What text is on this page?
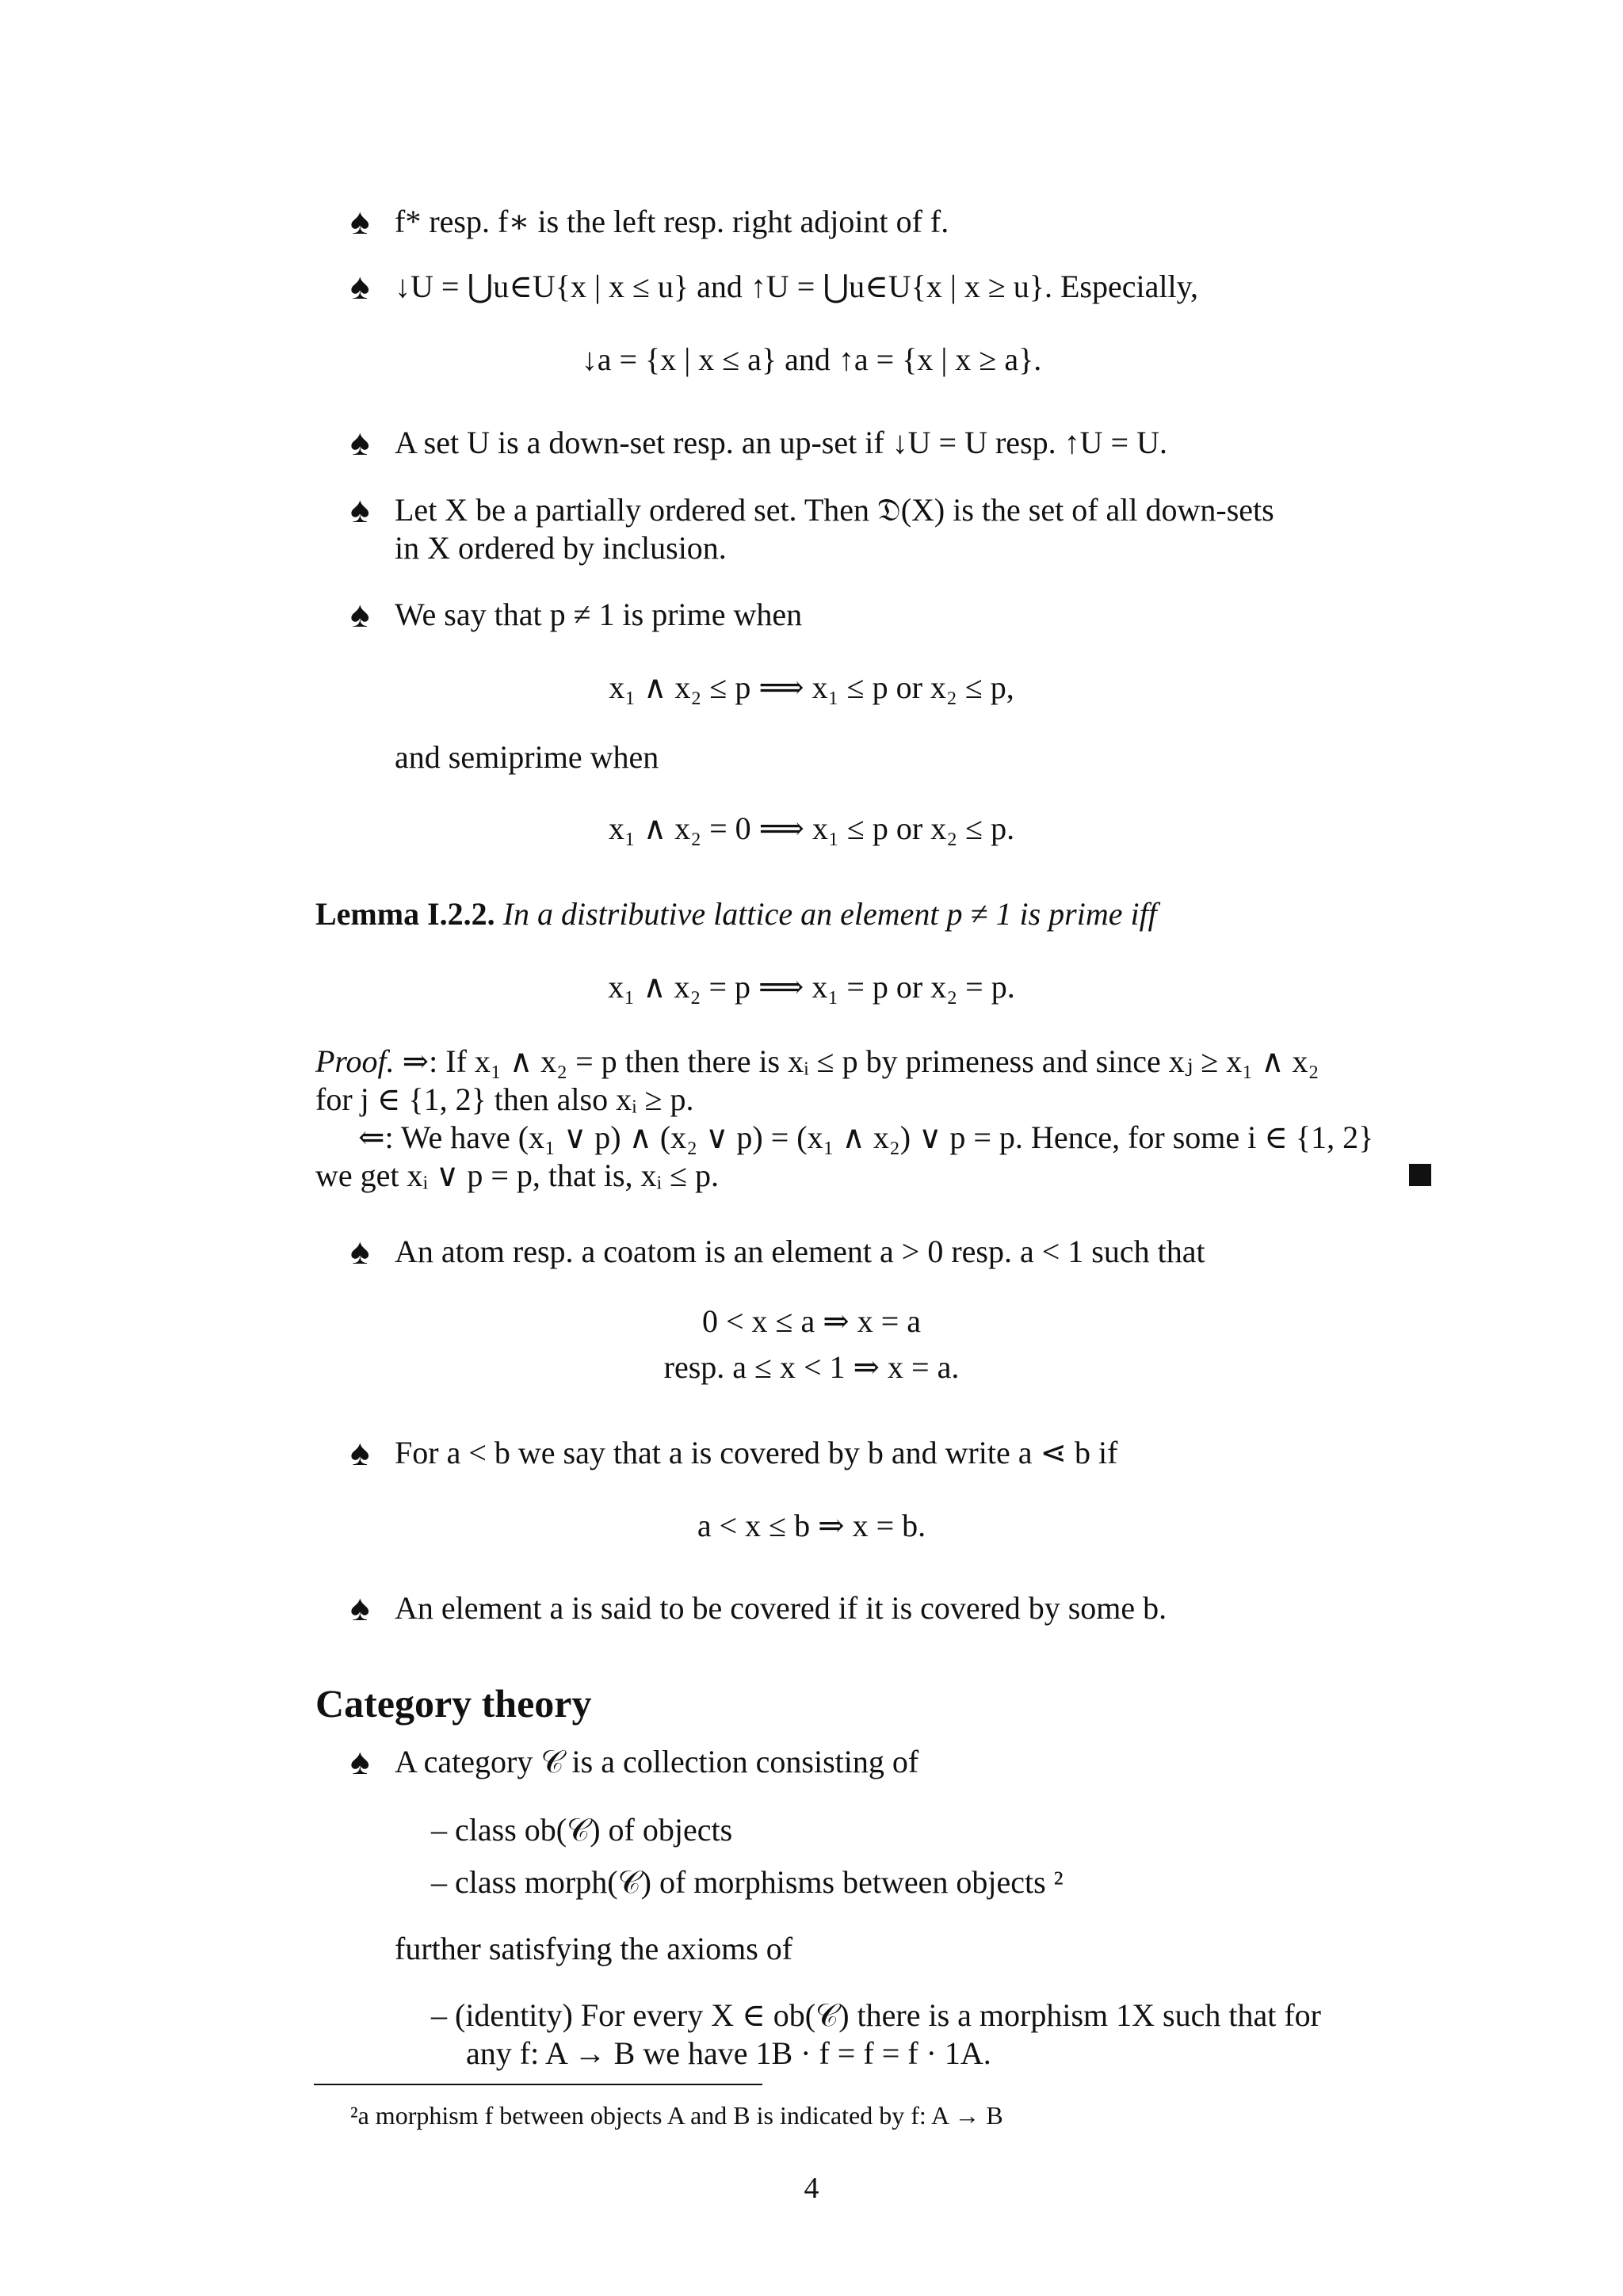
♠ f* resp. f∗ is the left resp. right adjoint of f.
♠ ↓U = ⋃u∈U{x | x ≤ u} and ↑U = ⋃u∈U{x | x ≥ u}. Especially,
↓a = {x | x ≤ a} and ↑a = {x | x ≥ a}.
♠ A set U is a down-set resp. an up-set if ↓U = U resp. ↑U = U.
♠ Let X be a partially ordered set. Then 𝔇(X) is the set of all down-sets
in X ordered by inclusion.
♠ We say that p ≠ 1 is prime when
x₁ ∧ x₂ ≤ p ⟹ x₁ ≤ p or x₂ ≤ p,
and semiprime when
x₁ ∧ x₂ = 0 ⟹ x₁ ≤ p or x₂ ≤ p.
Lemma I.2.2. In a distributive lattice an element p ≠ 1 is prime iff
x₁ ∧ x₂ = p ⟹ x₁ = p or x₂ = p.
Proof. ⇒: If x₁ ∧ x₂ = p then there is xᵢ ≤ p by primeness and since xⱼ ≥ x₁ ∧ x₂
for j ∈ {1, 2} then also xᵢ ≥ p.
⇐: We have (x₁ ∨ p) ∧ (x₂ ∨ p) = (x₁ ∧ x₂) ∨ p = p. Hence, for some i ∈ {1, 2}
we get xᵢ ∨ p = p, that is, xᵢ ≤ p.
♠ An atom resp. a coatom is an element a > 0 resp. a < 1 such that
0 < x ≤ a ⇒ x = a
resp. a ≤ x < 1 ⇒ x = a.
♠ For a < b we say that a is covered by b and write a ⋖ b if
a < x ≤ b ⇒ x = b.
♠ An element a is said to be covered if it is covered by some b.
Category theory
♠ A category 𝒞 is a collection consisting of
– class ob(𝒞) of objects
– class morph(𝒞) of morphisms between objects ²
further satisfying the axioms of
– (identity) For every X ∈ ob(𝒞) there is a morphism 1X such that for
any f: A → B we have 1B · f = f = f · 1A.
²a morphism f between objects A and B is indicated by f: A → B
4
